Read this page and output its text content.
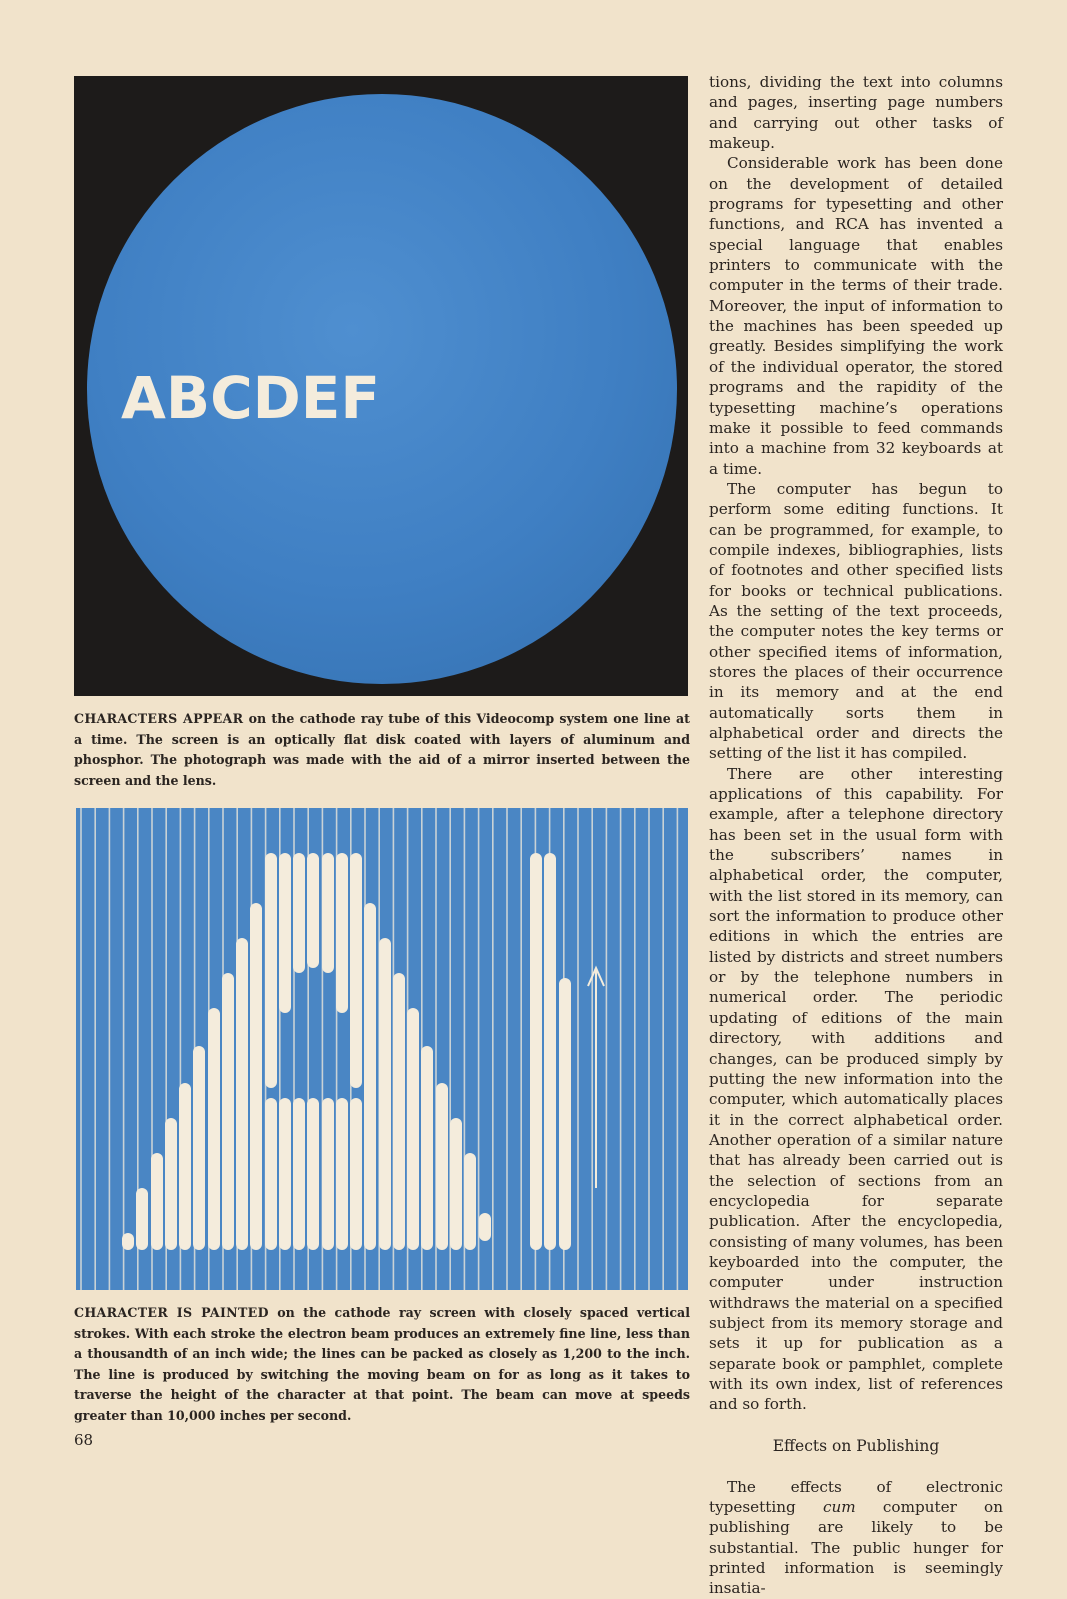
ABCDEF
CHARACTERS APPEAR on the cathode ray tube of this Videocomp system one line at a time. The screen is an optically flat disk coated with layers of aluminum and phosphor. The photograph was made with the aid of a mirror inserted between the screen and the lens.
CHARACTER IS PAINTED on the cathode ray screen with closely spaced vertical strokes. With each stroke the electron beam produces an extremely fine line, less than a thousandth of an inch wide; the lines can be packed as closely as 1,200 to the inch. The line is produced by switching the moving beam on for as long as it takes to traverse the height of the character at that point. The beam can move at speeds greater than 10,000 inches per second.

tions, dividing the text into columns and pages, inserting page numbers and carrying out other tasks of makeup.

Considerable work has been done on the development of detailed programs for typesetting and other functions, and RCA has invented a special language that enables printers to communicate with the computer in the terms of their trade. Moreover, the input of information to the machines has been speeded up greatly. Besides simplifying the work of the individual operator, the stored programs and the rapidity of the typesetting machine’s operations make it possible to feed commands into a machine from 32 keyboards at a time.

The computer has begun to perform some editing functions. It can be programmed, for example, to compile indexes, bibliographies, lists of footnotes and other specified lists for books or technical publications. As the setting of the text proceeds, the computer notes the key terms or other specified items of information, stores the places of their occurrence in its memory and at the end automatically sorts them in alphabetical order and directs the setting of the list it has compiled.

There are other interesting applications of this capability. For example, after a telephone directory has been set in the usual form with the subscribers’ names in alphabetical order, the computer, with the list stored in its memory, can sort the information to produce other editions in which the entries are listed by districts and street numbers or by the telephone numbers in numerical order. The periodic updating of editions of the main directory, with additions and changes, can be produced simply by putting the new information into the computer, which automatically places it in the correct alphabetical order. Another operation of a similar nature that has already been carried out is the selection of sections from an encyclopedia for separate publication. After the encyclopedia, consisting of many volumes, has been keyboarded into the computer, the computer under instruction withdraws the material on a specified subject from its memory storage and sets it up for publication as a separate book or pamphlet, complete with its own index, list of references and so forth.

Effects on Publishing

The effects of electronic typesetting cum computer on publishing are likely to be substantial. The public hunger for printed information is seemingly insatia-

68
